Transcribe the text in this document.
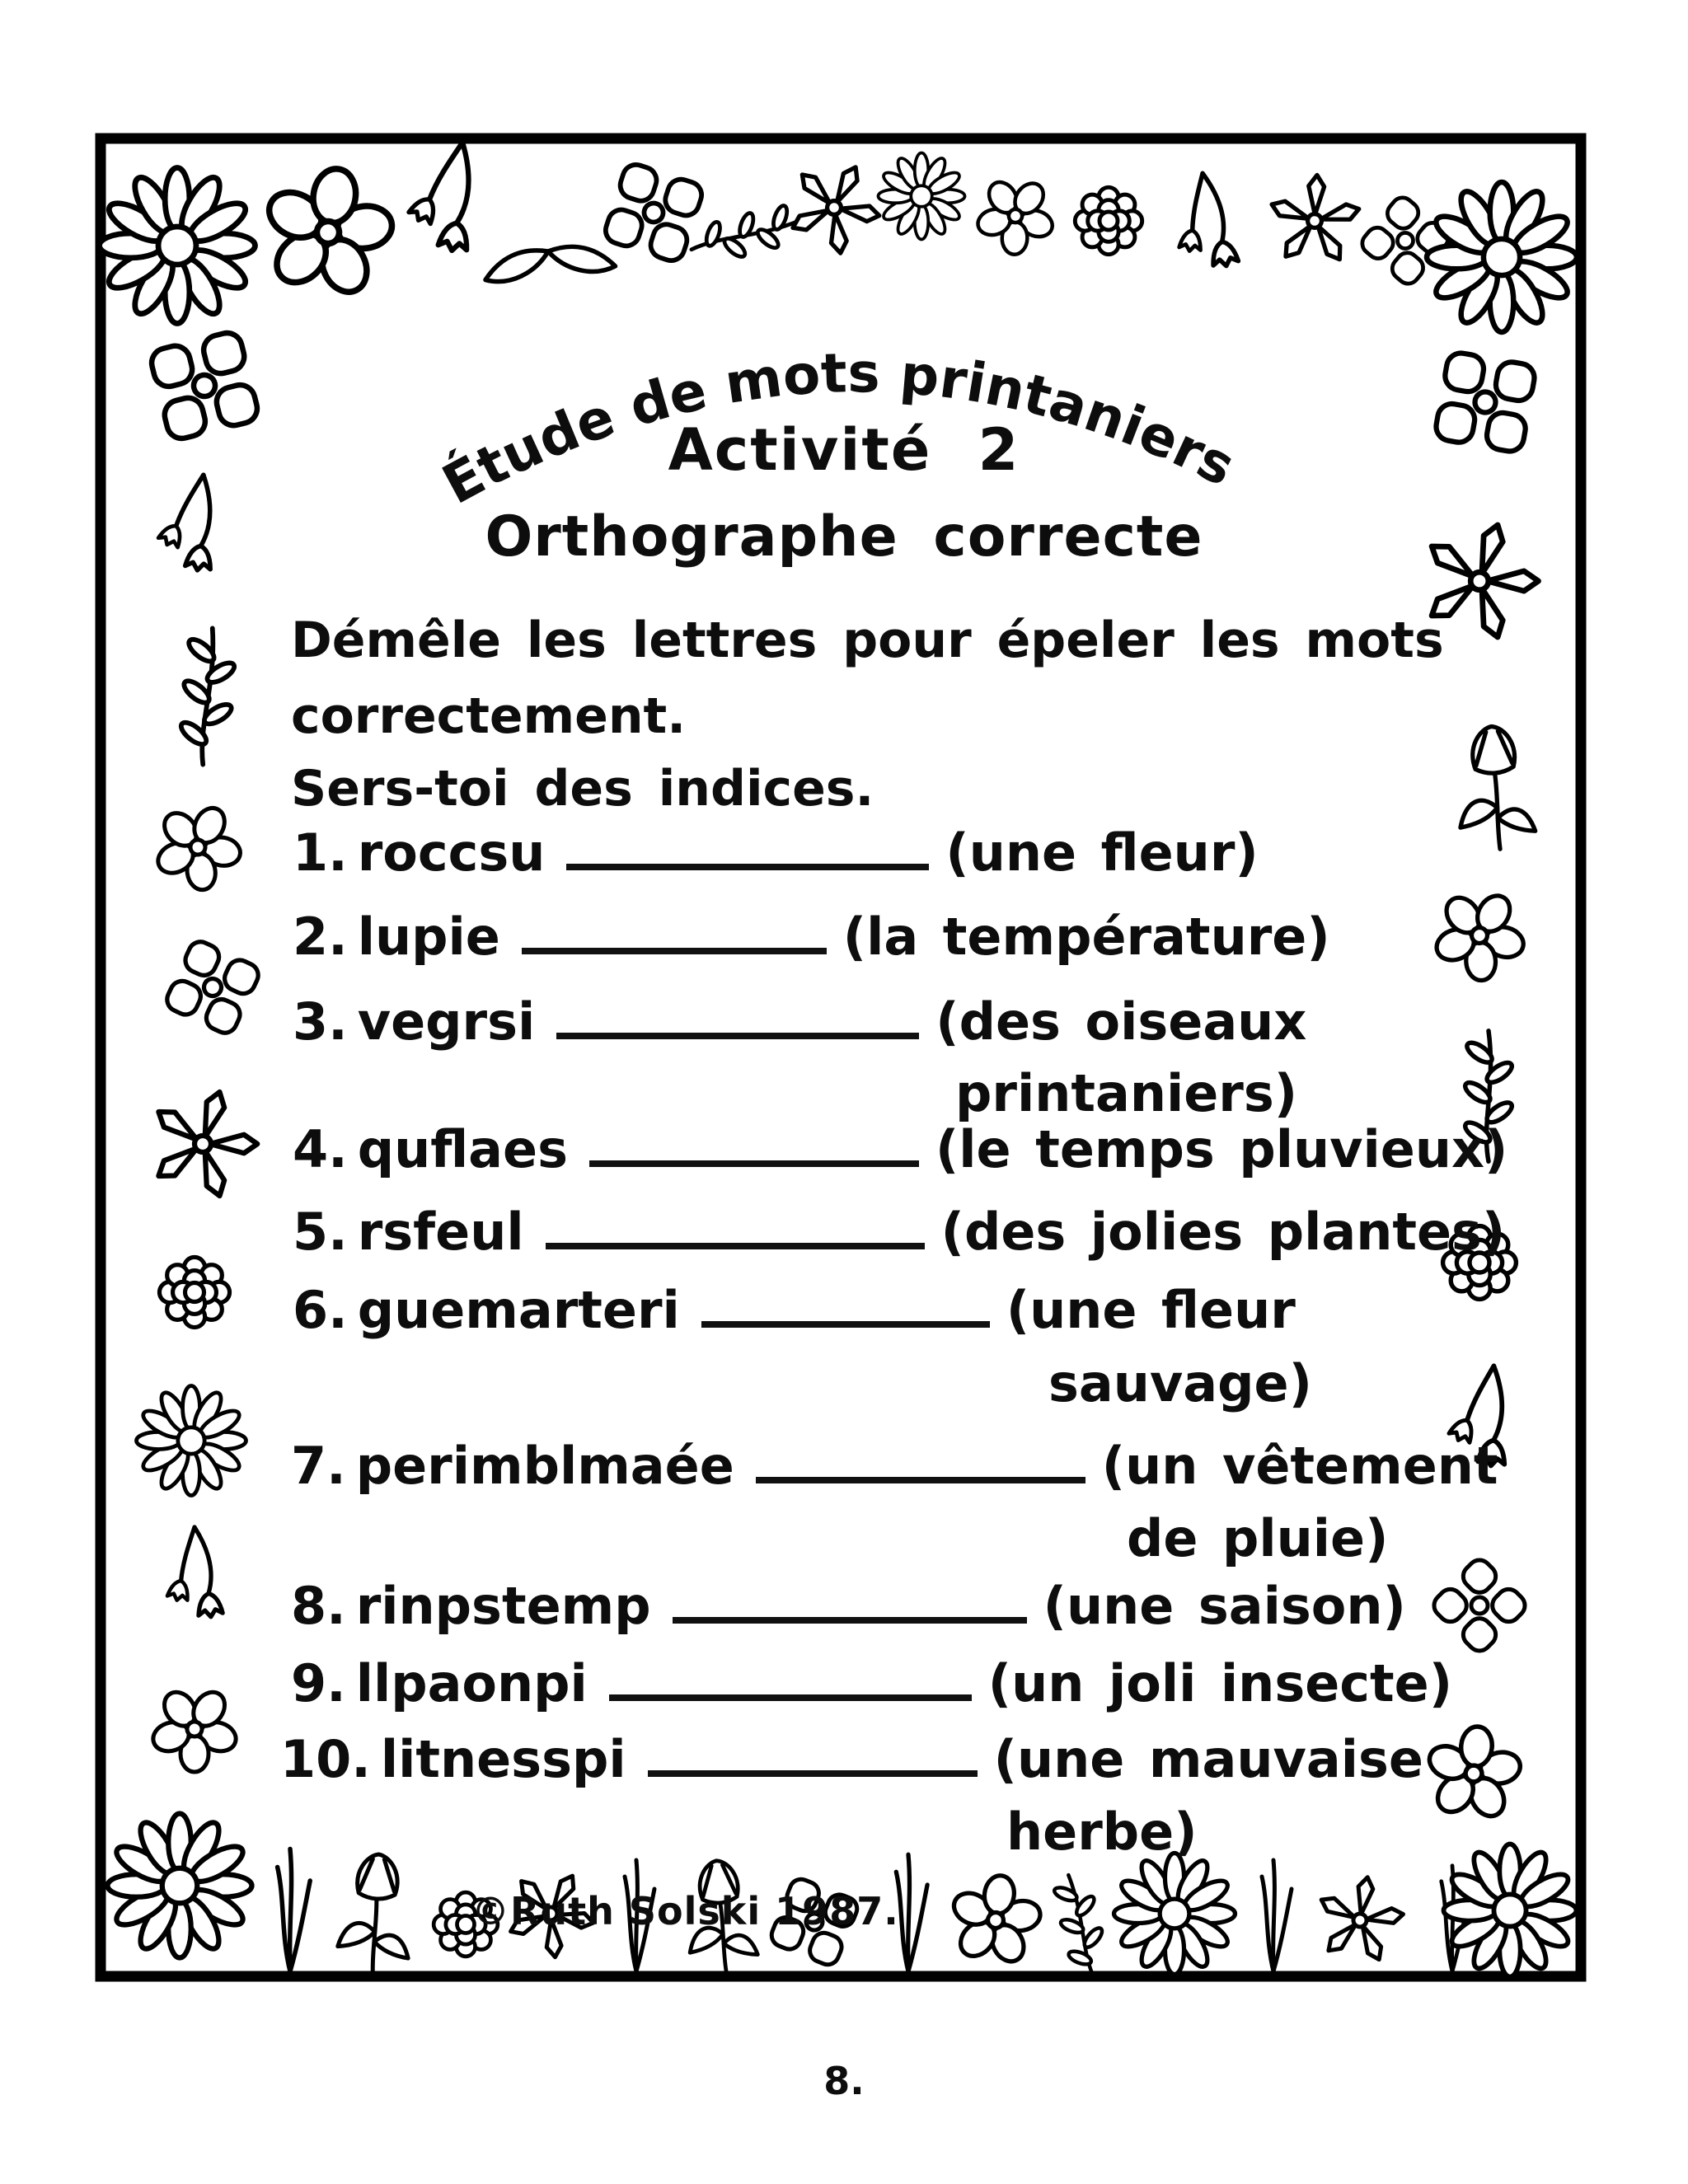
Étude de mots printaniers
Activité 2
Orthographe correcte
Démêle les lettres pour épeler les mots
correctement.
Sers-toi des indices.
1. roccsu	(une fleur)
2. lupie	(la température)
3. vegrsi	(des oiseaux
printaniers)
4. quflaes	(le temps pluvieux)
5. rsfeul	(des jolies plantes)
6. guemarteri	(une fleur
sauvage)
7. perimblmaée	(un vêtement
de pluie)
8. rinpstemp	(une saison)
9. llpaonpi	(un joli insecte)
10. litnesspi	(une mauvaise
herbe)
©Ruth Solski 1987.
8.
